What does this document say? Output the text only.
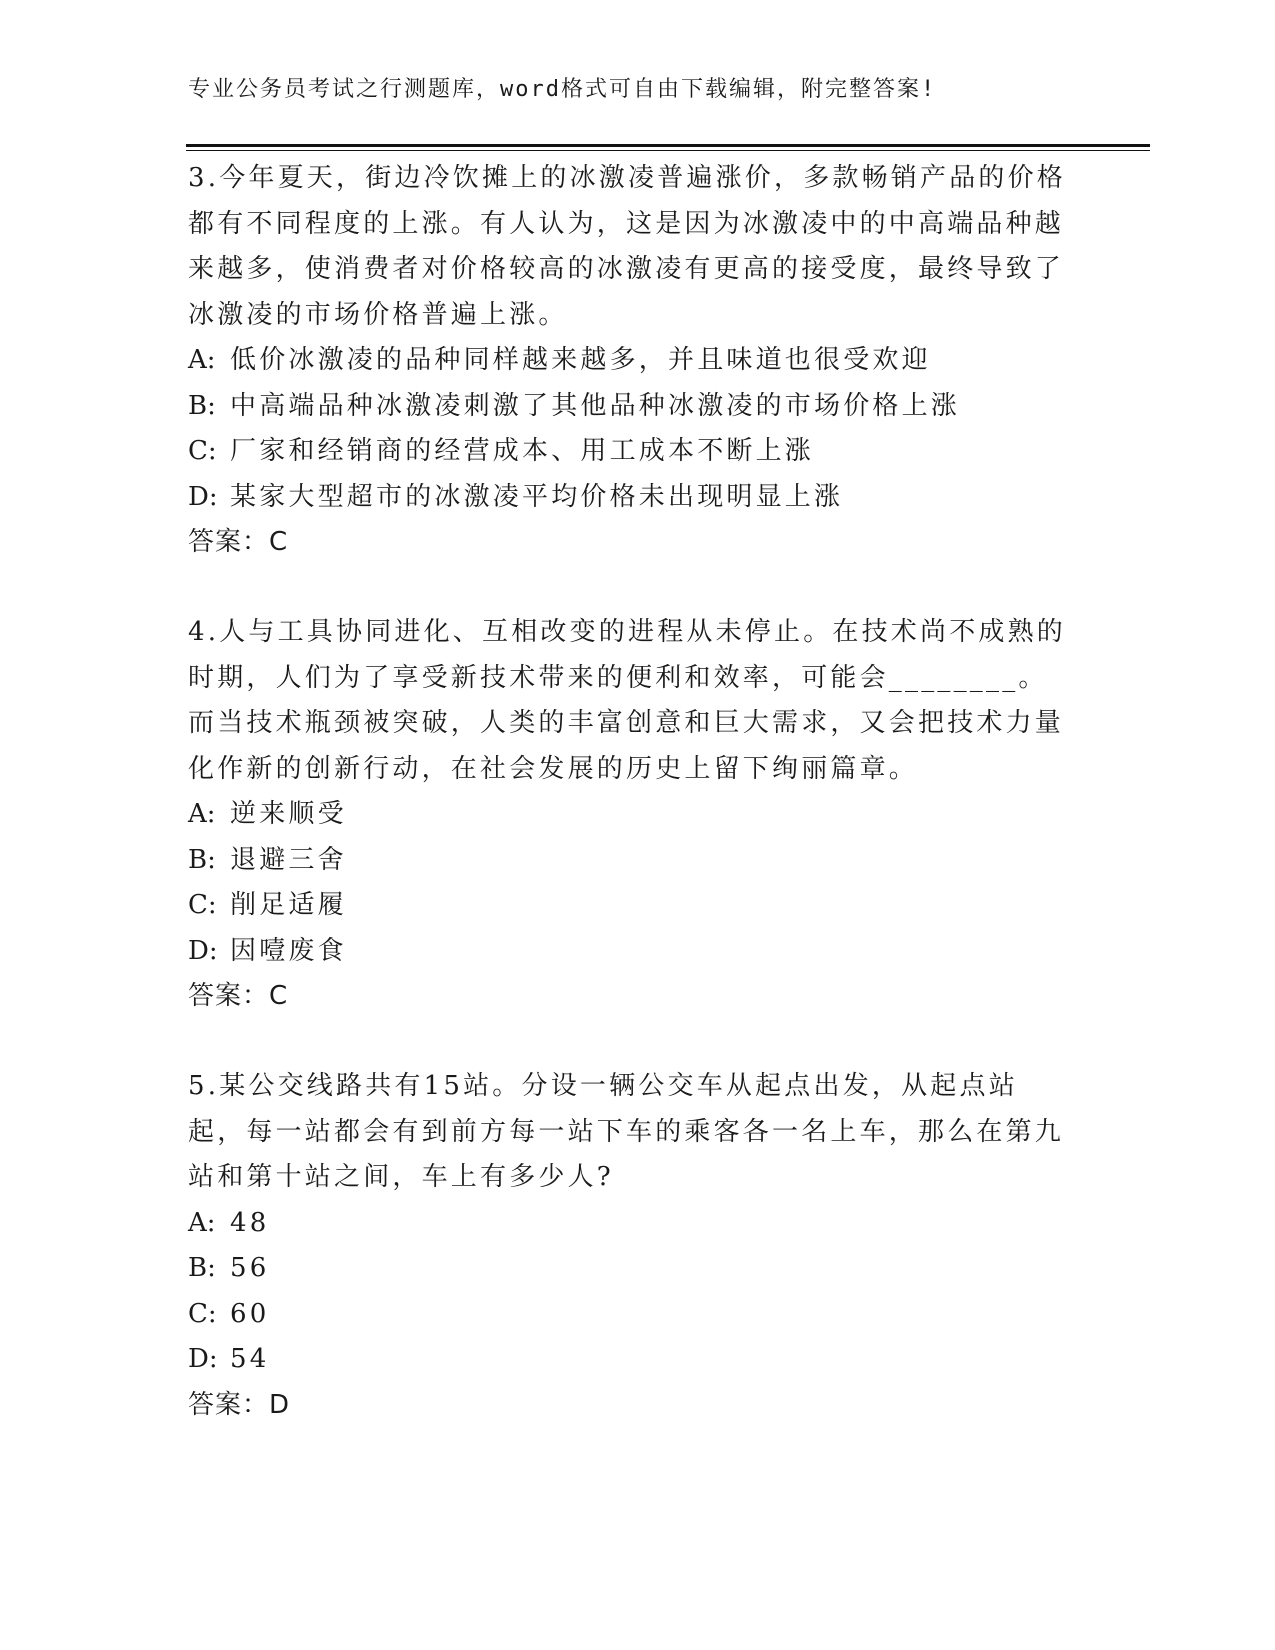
专业公务员考试之行测题库，word格式可自由下载编辑，附完整答案!

3.今年夏天，街边冷饮摊上的冰激凌普遍涨价，多款畅销产品的价格都有不同程度的上涨。有人认为，这是因为冰激凌中的中高端品种越来越多，使消费者对价格较高的冰激凌有更高的接受度，最终导致了冰激凌的市场价格普遍上涨。

A: 低价冰激凌的品种同样越来越多，并且味道也很受欢迎

B: 中高端品种冰激凌刺激了其他品种冰激凌的市场价格上涨

C: 厂家和经销商的经营成本、用工成本不断上涨

D: 某家大型超市的冰激凌平均价格未出现明显上涨

答案：C

4.人与工具协同进化、互相改变的进程从未停止。在技术尚不成熟的时期，人们为了享受新技术带来的便利和效率，可能会________。而当技术瓶颈被突破，人类的丰富创意和巨大需求，又会把技术力量化作新的创新行动，在社会发展的历史上留下绚丽篇章。

A: 逆来顺受

B: 退避三舍

C: 削足适履

D: 因噎废食

答案：C

5.某公交线路共有15站。分设一辆公交车从起点出发，从起点站起，每一站都会有到前方每一站下车的乘客各一名上车，那么在第九站和第十站之间，车上有多少人?

A: 48

B: 56

C: 60

D: 54

答案：D
